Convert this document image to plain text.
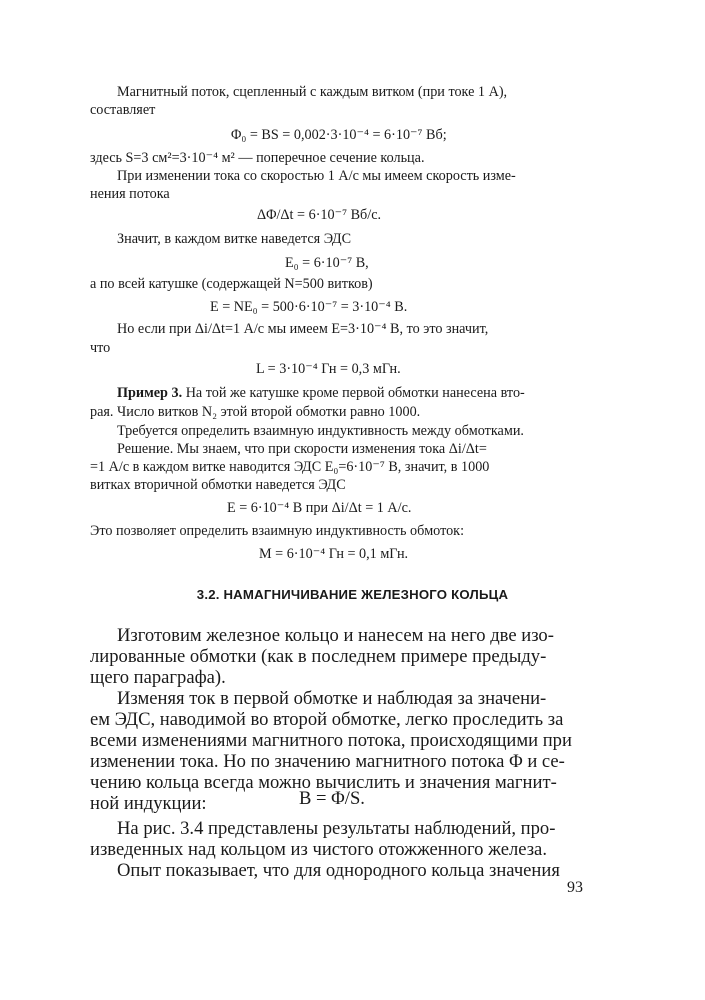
Магнитный поток, сцепленный с каждым витком (при токе 1 А),
составляет
Φ₀ = BS = 0,002·3·10⁻⁴ = 6·10⁻⁷ Вб;
здесь S=3 см²=3·10⁻⁴ м² — поперечное сечение кольца.
При изменении тока со скоростью 1 А/с мы имеем скорость изме-
нения потока
ΔΦ/Δt = 6·10⁻⁷ Вб/с.
Значит, в каждом витке наведется ЭДС
E₀ = 6·10⁻⁷ В,
а по всей катушке (содержащей N=500 витков)
E = NE₀ = 500·6·10⁻⁷ = 3·10⁻⁴ В.
Но если при Δi/Δt=1 А/с мы имеем E=3·10⁻⁴ В, то это значит,
что
L = 3·10⁻⁴ Гн = 0,3 мГн.
Пример 3. На той же катушке кроме первой обмотки нанесена вто-
рая. Число витков N₂ этой второй обмотки равно 1000.
Требуется определить взаимную индуктивность между обмотками.
Решение. Мы знаем, что при скорости изменения тока Δi/Δt=
=1 А/с в каждом витке наводится ЭДС E₀=6·10⁻⁷ В, значит, в 1000
витках вторичной обмотки наведется ЭДС
E = 6·10⁻⁴ В при Δi/Δt = 1 А/с.
Это позволяет определить взаимную индуктивность обмоток:
M = 6·10⁻⁴ Гн = 0,1 мГн.
3.2. НАМАГНИЧИВАНИЕ ЖЕЛЕЗНОГО КОЛЬЦА
Изготовим железное кольцо и нанесем на него две изо-
лированные обмотки (как в последнем примере предыду-
щего параграфа).
Изменяя ток в первой обмотке и наблюдая за значени-
ем ЭДС, наводимой во второй обмотке, легко проследить за
всеми изменениями магнитного потока, происходящими при
изменении тока. Но по значению магнитного потока Φ и се-
чению кольца всегда можно вычислить и значения магнит-
ной индукции:	B = Φ/S.
На рис. 3.4 представлены результаты наблюдений, про-
изведенных над кольцом из чистого отожженного железа.
Опыт показывает, что для однородного кольца значения
93
